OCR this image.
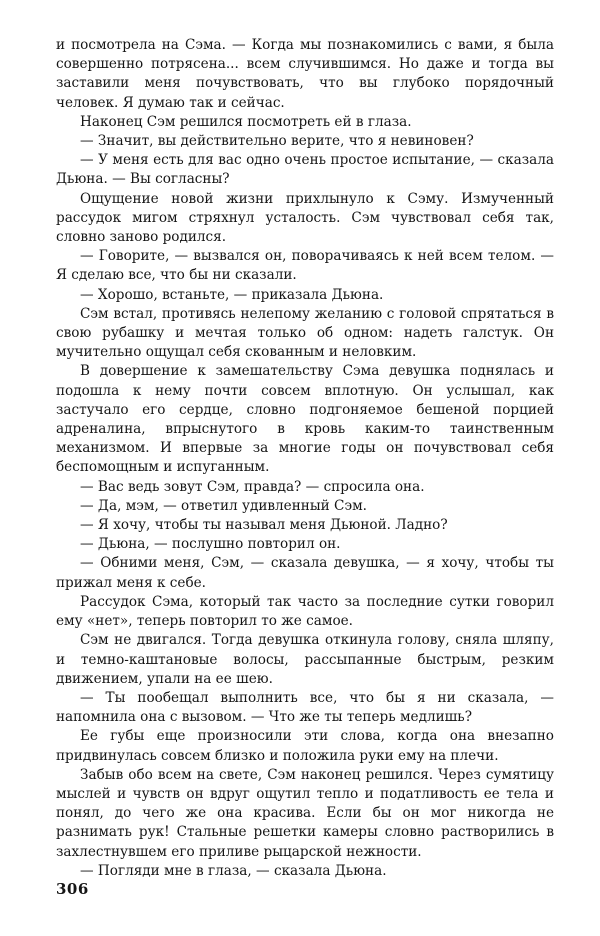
и посмотрела на Сэма. — Когда мы познакомились с вами, я была совершенно потрясена... всем случившимся. Но даже и тогда вы заставили меня почувствовать, что вы глубоко порядочный человек. Я думаю так и сейчас.

Наконец Сэм решился посмотреть ей в глаза.

— Значит, вы действительно верите, что я невиновен?

— У меня есть для вас одно очень простое испытание, — сказала Дьюна. — Вы согласны?

Ощущение новой жизни прихлынуло к Сэму. Измученный рассудок мигом стряхнул усталость. Сэм чувствовал себя так, словно заново родился.

— Говорите, — вызвался он, поворачиваясь к ней всем телом. — Я сделаю все, что бы ни сказали.

— Хорошо, встаньте, — приказала Дьюна.

Сэм встал, противясь нелепому желанию с головой спрятаться в свою рубашку и мечтая только об одном: надеть галстук. Он мучительно ощущал себя скованным и неловким.

В довершение к замешательству Сэма девушка поднялась и подошла к нему почти совсем вплотную. Он услышал, как застучало его сердце, словно подгоняемое бешеной порцией адреналина, впрыснутого в кровь каким-то таинственным механизмом. И впервые за многие годы он почувствовал себя беспомощным и испуганным.

— Вас ведь зовут Сэм, правда? — спросила она.

— Да, мэм, — ответил удивленный Сэм.

— Я хочу, чтобы ты называл меня Дьюной. Ладно?

— Дьюна, — послушно повторил он.

— Обними меня, Сэм, — сказала девушка, — я хочу, чтобы ты прижал меня к себе.

Рассудок Сэма, который так часто за последние сутки говорил ему «нет», теперь повторил то же самое.

Сэм не двигался. Тогда девушка откинула голову, сняла шляпу, и темно-каштановые волосы, рассыпанные быстрым, резким движением, упали на ее шею.

— Ты пообещал выполнить все, что бы я ни сказала, — напомнила она с вызовом. — Что же ты теперь медлишь?

Ее губы еще произносили эти слова, когда она внезапно придвинулась совсем близко и положила руки ему на плечи.

Забыв обо всем на свете, Сэм наконец решился. Через сумятицу мыслей и чувств он вдруг ощутил тепло и податливость ее тела и понял, до чего же она красива. Если бы он мог никогда не разнимать рук! Стальные решетки камеры словно растворились в захлестнувшем его приливе рыцарской нежности.

— Погляди мне в глаза, — сказала Дьюна.

306
